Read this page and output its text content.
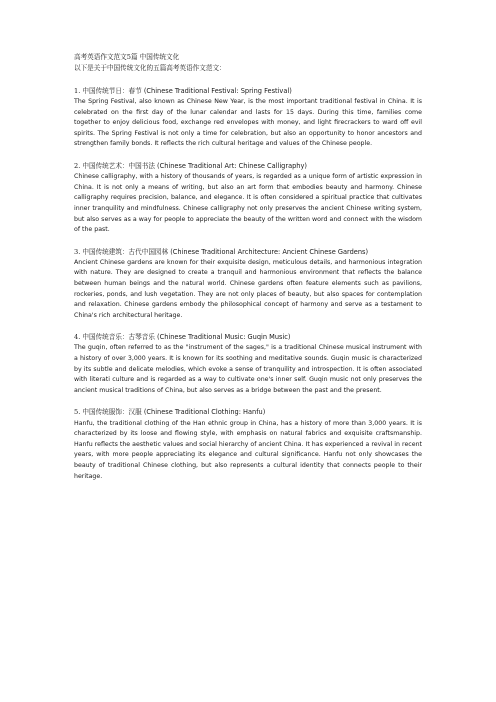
高考英语作文范文5篇 中国传统文化

以下是关于中国传统文化的五篇高考英语作文范文：

1. 中国传统节日：春节 (Chinese Traditional Festival: Spring Festival)

The Spring Festival, also known as Chinese New Year, is the most important traditional festival in China. It is celebrated on the first day of the lunar calendar and lasts for 15 days. During this time, families come together to enjoy delicious food, exchange red envelopes with money, and light firecrackers to ward off evil spirits. The Spring Festival is not only a time for celebration, but also an opportunity to honor ancestors and strengthen family bonds. It reflects the rich cultural heritage and values of the Chinese people.

2. 中国传统艺术：中国书法 (Chinese Traditional Art: Chinese Calligraphy)

Chinese calligraphy, with a history of thousands of years, is regarded as a unique form of artistic expression in China. It is not only a means of writing, but also an art form that embodies beauty and harmony. Chinese calligraphy requires precision, balance, and elegance. It is often considered a spiritual practice that cultivates inner tranquility and mindfulness. Chinese calligraphy not only preserves the ancient Chinese writing system, but also serves as a way for people to appreciate the beauty of the written word and connect with the wisdom of the past.

3. 中国传统建筑：古代中国园林 (Chinese Traditional Architecture: Ancient Chinese Gardens)

Ancient Chinese gardens are known for their exquisite design, meticulous details, and harmonious integration with nature. They are designed to create a tranquil and harmonious environment that reflects the balance between human beings and the natural world. Chinese gardens often feature elements such as pavilions, rockeries, ponds, and lush vegetation. They are not only places of beauty, but also spaces for contemplation and relaxation. Chinese gardens embody the philosophical concept of harmony and serve as a testament to China's rich architectural heritage.

4. 中国传统音乐：古琴音乐 (Chinese Traditional Music: Guqin Music)

The guqin, often referred to as the "instrument of the sages," is a traditional Chinese musical instrument with a history of over 3,000 years. It is known for its soothing and meditative sounds. Guqin music is characterized by its subtle and delicate melodies, which evoke a sense of tranquility and introspection. It is often associated with literati culture and is regarded as a way to cultivate one's inner self. Guqin music not only preserves the ancient musical traditions of China, but also serves as a bridge between the past and the present.

5. 中国传统服饰：汉服 (Chinese Traditional Clothing: Hanfu)

Hanfu, the traditional clothing of the Han ethnic group in China, has a history of more than 3,000 years. It is characterized by its loose and flowing style, with emphasis on natural fabrics and exquisite craftsmanship. Hanfu reflects the aesthetic values and social hierarchy of ancient China. It has experienced a revival in recent years, with more people appreciating its elegance and cultural significance. Hanfu not only showcases the beauty of traditional Chinese clothing, but also represents a cultural identity that connects people to their heritage.
